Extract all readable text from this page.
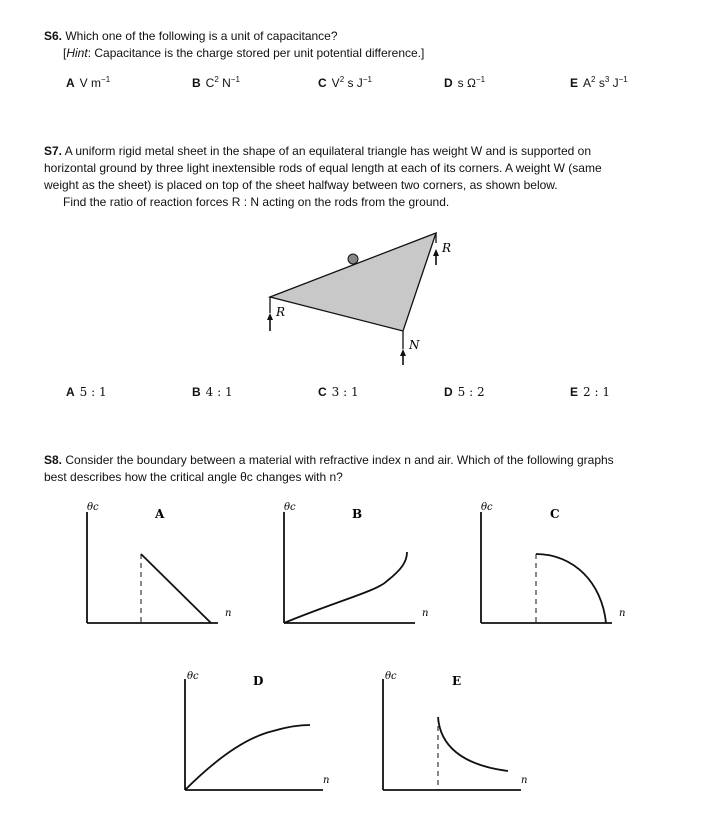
S6. Which one of the following is a unit of capacitance?
[Hint: Capacitance is the charge stored per unit potential difference.]
A V $m^{-1}$	B $C^2$ $N^{-1}$	C $V^2$ s $J^{-1}$	D s $\Omega^{-1}$	E $A^2$ $s^3$ $J^{-1}$
S7. A uniform rigid metal sheet in the shape of an equilateral triangle has weight W and is supported on
horizontal ground by three light inextensible rods of equal length at each of its corners. A weight W (same
weight as the sheet) is placed on top of the sheet halfway between two corners, as shown below.
Find the ratio of reaction forces R : N acting on the rods from the ground.
R
R
N
A 5 : 1	B 4 : 1	C 3 : 1	D 5 : 2	E 2 : 1
S8. Consider the boundary between a material with refractive index n and air. Which of the following graphs
best describes how the critical angle θc changes with n?
θc
n
A	θc
n
B	θc
n
C
θc
n
D	θc
n
E
